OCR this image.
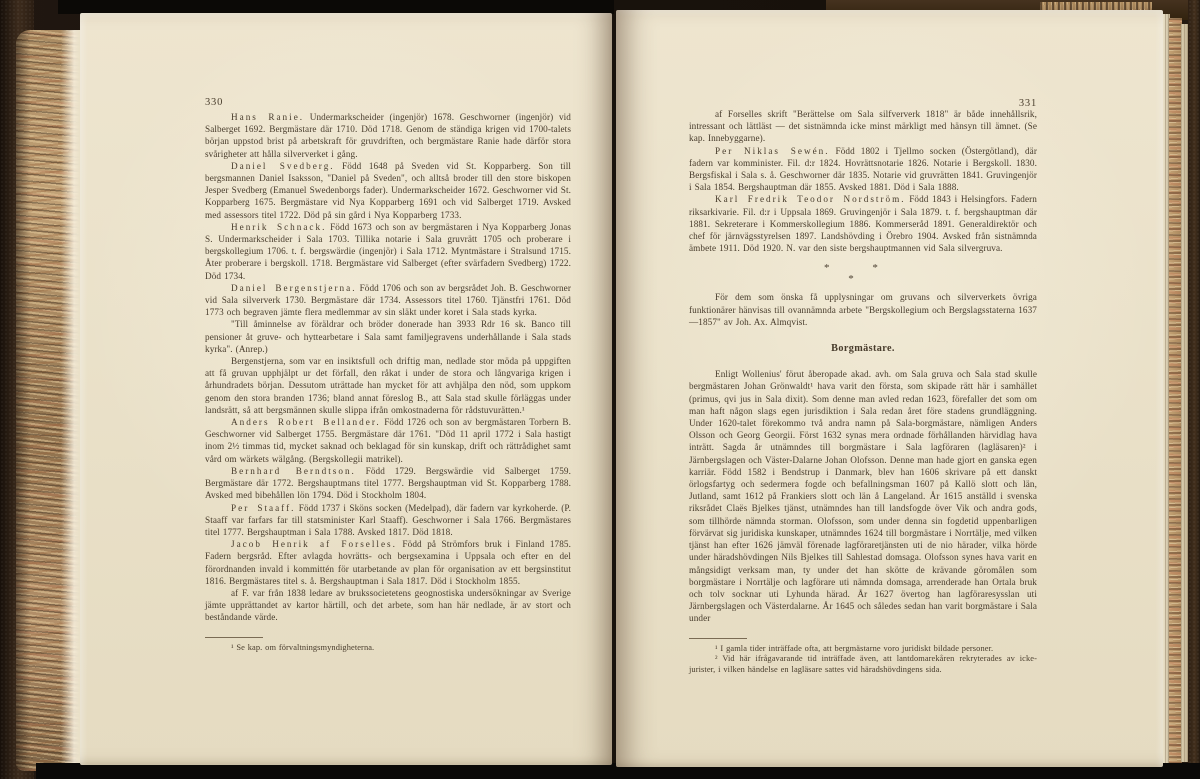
330

Hans Ranie. Undermarkscheider (ingenjör) 1678. Geschworner (ingenjör) vid Salberget 1692. Bergmästare där 1710. Död 1718. Genom de ständiga krigen vid 1700-talets början uppstod brist på arbetskraft för gruvdriften, och bergmästare Ranie hade därför stora svårigheter att hålla silververket i gång.

Daniel Svedberg. Född 1648 på Sveden vid St. Kopparberg. Son till bergsmannen Daniel Isaksson, "Daniel på Sveden", och alltså broder till den store biskopen Jesper Svedberg (Emanuel Swedenborgs fader). Undermarkscheider 1672. Geschworner vid St. Kopparberg 1675. Bergmästare vid Nya Kopparberg 1691 och vid Salberget 1719. Avsked med assessors titel 1722. Död på sin gård i Nya Kopparberg 1733.

Henrik Schnack. Född 1673 och son av bergmästaren i Nya Kopparberg Jonas S. Undermarkscheider i Sala 1703. Tillika notarie i Sala gruvrätt 1705 och proberare i bergskollegium 1706. t. f. bergswärdie (ingenjör) i Sala 1712. Myntmästare i Stralsund 1715. Åter proberare i bergskoll. 1718. Bergmästare vid Salberget (efter svärfadern Svedberg) 1722. Död 1734.

Daniel Bergenstjerna. Född 1706 och son av bergsrådet Joh. B. Geschworner vid Sala silververk 1730. Bergmästare där 1734. Assessors titel 1760. Tjänstfri 1761. Död 1773 och begraven jämte flera medlemmar av sin släkt under koret i Sala stads kyrka.

"Till åminnelse av föräldrar och bröder donerade han 3933 Rdr 16 sk. Banco till pensioner åt gruve- och hyttearbetare i Sala samt familjegravens underhållande i Sala stads kyrka". (Anrep.)

Bergenstjerna, som var en insiktsfull och driftig man, nedlade stor möda på uppgiften att få gruvan upphjälpt ur det förfall, den råkat i under de stora och långvariga krigen i århundradets början. Dessutom uträttade han mycket för att avhjälpa den nöd, som uppkom genom den stora branden 1736; bland annat föreslog B., att Sala stad skulle förläggas under landsrätt, så att bergsmännen skulle slippa ifrån omkostnaderna för rådstuvurätten.¹

Anders Robert Bellander. Född 1726 och son av bergmästaren Torbern B. Geschworner vid Salberget 1755. Bergmästare där 1761. "Död 11 april 1772 i Sala hastigt inom 2½ timmas tid, mycket saknad och beklagad för sin kunskap, drift och rättrådighet samt vård om wärkets wälgång. (Bergskollegii matrikel).

Bernhard Berndtson. Född 1729. Bergswärdie vid Salberget 1759. Bergmästare där 1772. Bergshauptmans titel 1777. Bergshauptman vid St. Kopparberg 1788. Avsked med bibehållen lön 1794. Död i Stockholm 1804.

Per Staaff. Född 1737 i Sköns socken (Medelpad), där fadern var kyrkoherde. (P. Staaff var farfars far till statsminister Karl Staaff). Geschworner i Sala 1766. Bergmästares titel 1777. Bergshauptman i Sala 1788. Avsked 1817. Död 1818.

Jacob Henrik af Forselles. Född på Strömfors bruk i Finland 1785. Fadern bergsråd. Efter avlagda hovrätts- och bergsexamina i Uppsala och efter en del förordnanden invald i kommittén för utarbetande av plan för organisation av ett bergsinstitut 1816. Bergmästares titel s. å. Bergshauptman i Sala 1817. Död i Stockholm 1855.

af F. var från 1838 ledare av brukssocietetens geognostiska undersökningar av Sverige jämte upprättandet av kartor härtill, och det arbete, som han här nedlade, är av stort och beståndande värde.

¹ Se kap. om förvaltningsmyndigheterna.

331

af Forselles skrift "Berättelse om Sala silfververk 1818" är både innehållsrik, intressant och lättläst — det sistnämnda icke minst märkligt med hänsyn till ämnet. (Se kap. Innebyggarne).

Per Niklas Sewén. Född 1802 i Tjellmo socken (Östergötland), där fadern var komminister. Fil. d:r 1824. Hovrättsnotarie 1826. Notarie i Bergskoll. 1830. Bergsfiskal i Sala s. å. Geschworner där 1835. Notarie vid gruvrätten 1841. Gruvingenjör i Sala 1854. Bergshauptman där 1855. Avsked 1881. Död i Sala 1888.

Karl Fredrik Teodor Nordström. Född 1843 i Helsingfors. Fadern riksarkivarie. Fil. d:r i Uppsala 1869. Gruvingenjör i Sala 1879. t. f. bergshauptman där 1881. Sekreterare i Kommerskollegium 1886. Kommerseråd 1891. Generaldirektör och chef för järnvägsstyrelsen 1897. Landshövding i Örebro 1904. Avsked från sistnämnda ämbete 1911. Död 1920. N. var den siste bergshauptmannen vid Sala silvergruva.

*	*
*

För dem som önska få upplysningar om gruvans och silververkets övriga funktionärer hänvisas till ovannämnda arbete "Bergskollegium och Bergslagsstaterna 1637—1857" av Joh. Ax. Almqvist.

Borgmästare.

Enligt Wollenius' förut åberopade akad. avh. om Sala gruva och Sala stad skulle bergmästaren Johan Grönwaldt¹ hava varit den första, som skipade rätt här i samhället (primus, qvi jus in Sala dixit). Som denne man avled redan 1623, förefaller det som om man haft någon slags egen jurisdiktion i Sala redan året före stadens grundläggning. Under 1620-talet förekommo två andra namn på Sala-borgmästare, nämligen Anders Olsson och Georg Georgii. Först 1632 synas mera ordnade förhållanden härvidlag hava inträtt. Sagda år utnämndes till borgmästare i Sala lagföraren (lagläsaren)² i Järnbergslagen och Väster-Dalarne Johan Olofsson. Denne man hade gjort en ganska egen karriär. Född 1582 i Bendstrup i Danmark, blev han 1606 skrivare på ett danskt örlogsfartyg och sedermera fogde och befallningsman 1607 på Kallö slott och län, Jutland, samt 1612 på Frankiers slott och län å Langeland. År 1615 anställd i svenska riksrådet Claës Bjelkes tjänst, utnämndes han till landsfogde över Vik och andra gods, som tillhörde nämnda storman. Olofsson, som under denna sin fogdetid uppenbarligen förvärvat sig juridiska kunskaper, utnämndes 1624 till borgmästare i Norrtälje, med vilken tjänst han efter 1626 jämväl förenade lagföraretjänsten uti de nio härader, vilka hörde under häradshövdingen Nils Bjelkes till Sahlestad domsaga. Olofsson synes hava varit en mångsidigt verksam man, ty under det han skötte de krävande göromålen som borgmästare i Norrtälje och lagförare uti nämnda domsaga, arrenderade han Ortala bruk och tolv socknar uti Lyhunda härad. År 1627 övertog han lagföraresysslan uti Järnbergslagen och Västerdalarne. År 1645 och således sedan han varit borgmästare i Sala under

¹ I gamla tider inträffade ofta, att bergmästarne voro juridiskt bildade personer.

² Vid här ifrågavarande tid inträffade även, att lantdomarekåren rekryterades av icke-jurister, i vilken händelse en lagläsare sattes vid häradshövdingens sida.
